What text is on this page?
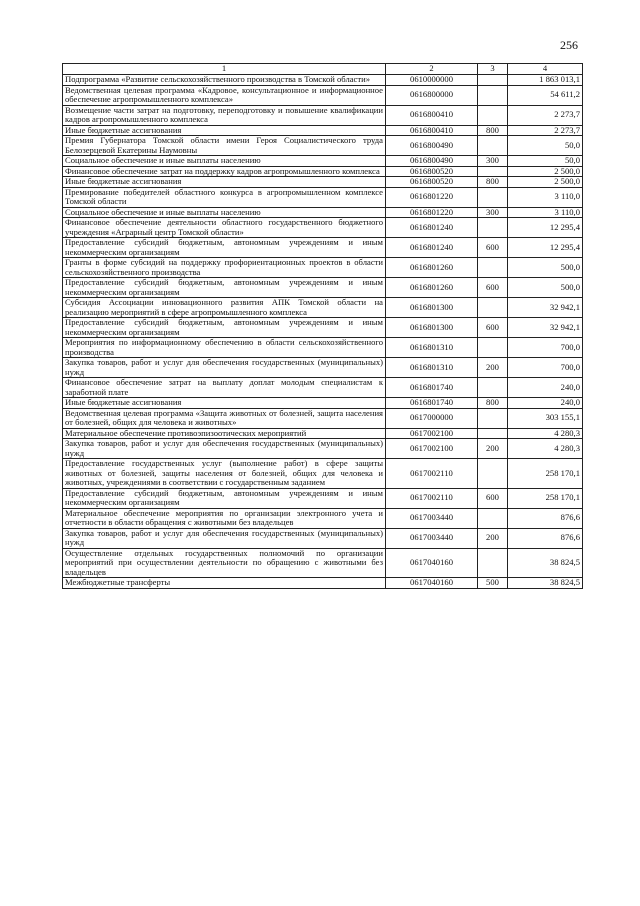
256
1	2	3	4
Подпрограмма «Развитие сельскохозяйственного производства в Томской области»	0610000000		1 863 013,1
Ведомственная целевая программа «Кадровое, консультационное и информационное обеспечение агропромышленного комплекса»	0616800000		54 611,2
Возмещение части затрат на подготовку, переподготовку и повышение квалификации кадров агропромышленного комплекса	0616800410		2 273,7
Иные бюджетные ассигнования	0616800410	800	2 273,7
Премия Губернатора Томской области имени Героя Социалистического труда Белозерцевой Екатерины Наумовны	0616800490		50,0
Социальное обеспечение и иные выплаты населению	0616800490	300	50,0
Финансовое обеспечение затрат на поддержку кадров агропромышленного комплекса	0616800520		2 500,0
Иные бюджетные ассигнования	0616800520	800	2 500,0
Премирование победителей областного конкурса в агропромышленном комплексе Томской области	0616801220		3 110,0
Социальное обеспечение и иные выплаты населению	0616801220	300	3 110,0
Финансовое обеспечение деятельности областного государственного бюджетного учреждения «Аграрный центр Томской области»	0616801240		12 295,4
Предоставление субсидий бюджетным, автономным учреждениям и иным некоммерческим организациям	0616801240	600	12 295,4
Гранты в форме субсидий на поддержку профориентационных проектов в области сельскохозяйственного производства	0616801260		500,0
Предоставление субсидий бюджетным, автономным учреждениям и иным некоммерческим организациям	0616801260	600	500,0
Субсидия Ассоциации инновационного развития АПК Томской области на реализацию мероприятий в сфере агропромышленного комплекса	0616801300		32 942,1
Предоставление субсидий бюджетным, автономным учреждениям и иным некоммерческим организациям	0616801300	600	32 942,1
Мероприятия по информационному обеспечению в области сельскохозяйственного производства	0616801310		700,0
Закупка товаров, работ и услуг для обеспечения государственных (муниципальных) нужд	0616801310	200	700,0
Финансовое обеспечение затрат на выплату доплат молодым специалистам к заработной плате	0616801740		240,0
Иные бюджетные ассигнования	0616801740	800	240,0
Ведомственная целевая программа «Защита животных от болезней, защита населения от болезней, общих для человека и животных»	0617000000		303 155,1
Материальное обеспечение противоэпизоотических мероприятий	0617002100		4 280,3
Закупка товаров, работ и услуг для обеспечения государственных (муниципальных) нужд	0617002100	200	4 280,3
Предоставление государственных услуг (выполнение работ) в сфере защиты животных от болезней, защиты населения от болезней, общих для человека и животных, учреждениями в соответствии с государственным заданием	0617002110		258 170,1
Предоставление субсидий бюджетным, автономным учреждениям и иным некоммерческим организациям	0617002110	600	258 170,1
Материальное обеспечение мероприятия по организации электронного учета и отчетности в области обращения с животными без владельцев	0617003440		876,6
Закупка товаров, работ и услуг для обеспечения государственных (муниципальных) нужд	0617003440	200	876,6
Осуществление отдельных государственных полномочий по организации мероприятий при осуществлении деятельности по обращению с животными без владельцев	0617040160		38 824,5
Межбюджетные трансферты	0617040160	500	38 824,5
